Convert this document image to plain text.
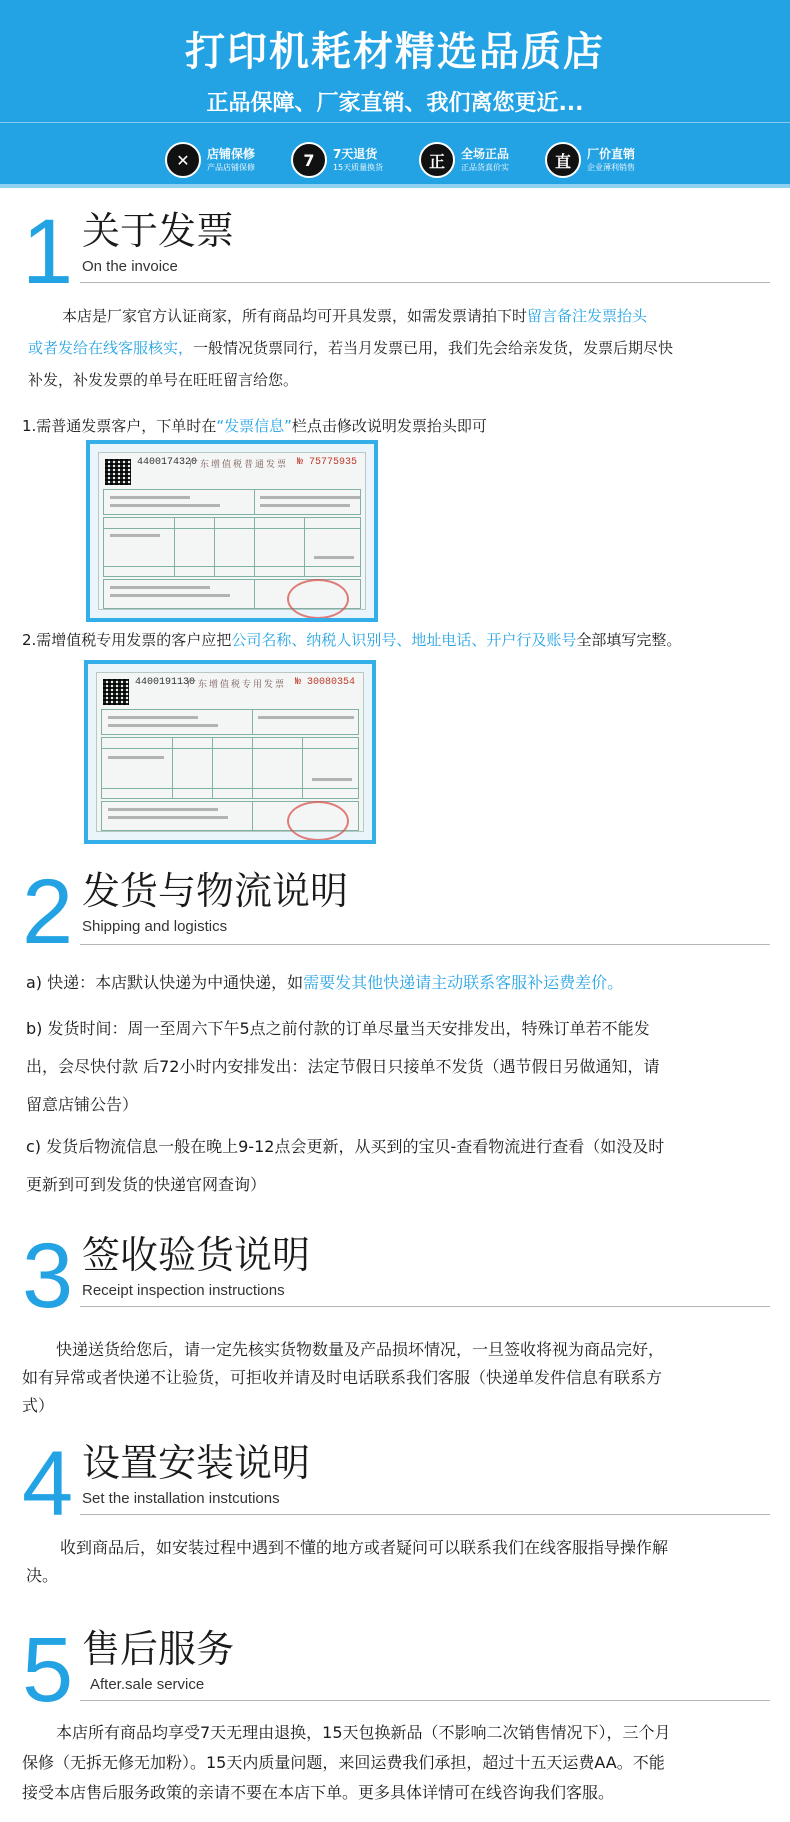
打印机耗材精选品质店
正品保障、厂家直销、我们离您更近...
✕	店铺保修
产品店铺保修	7	7天退货
15天质量换货	正	全场正品
正品货真价实	直	厂价直销
企业薄利销售
1 关于发票
On the invoice
本店是厂家官方认证商家，所有商品均可开具发票，如需发票请拍下时留言备注发票抬头
或者发给在线客服核实，一般情况货票同行，若当月发票已用，我们先会给亲发货，发票后期尽快
补发，补发发票的单号在旺旺留言给您。
1.需普通发票客户，下单时在“发票信息”栏点击修改说明发票抬头即可
4400174320
广东增值税普通发票 № 75775935
2.需增值税专用发票的客户应把公司名称、纳税人识别号、地址电话、开户行及账号全部填写完整。
4400191130
广东增值税专用发票 № 30080354
2 发货与物流说明
Shipping and logistics
a) 快递：本店默认快递为中通快递，如需要发其他快递请主动联系客服补运费差价。
b) 发货时间：周一至周六下午5点之前付款的订单尽量当天安排发出，特殊订单若不能发
出，会尽快付款 后72小时内安排发出：法定节假日只接单不发货（遇节假日另做通知，请
留意店铺公告）
c) 发货后物流信息一般在晚上9-12点会更新，从买到的宝贝-查看物流进行查看（如没及时
更新到可到发货的快递官网查询）
3 签收验货说明
Receipt inspection instructions
快递送货给您后，请一定先核实货物数量及产品损坏情况，一旦签收将视为商品完好，
如有异常或者快递不让验货，可拒收并请及时电话联系我们客服（快递单发件信息有联系方
式）
4 设置安装说明
Set the installation instcutions
收到商品后，如安装过程中遇到不懂的地方或者疑问可以联系我们在线客服指导操作解
决。
5 售后服务
After.sale service
本店所有商品均享受7天无理由退换，15天包换新品（不影响二次销售情况下），三个月
保修（无拆无修无加粉）。15天内质量问题，来回运费我们承担，超过十五天运费AA。不能
接受本店售后服务政策的亲请不要在本店下单。更多具体详情可在线咨询我们客服。
